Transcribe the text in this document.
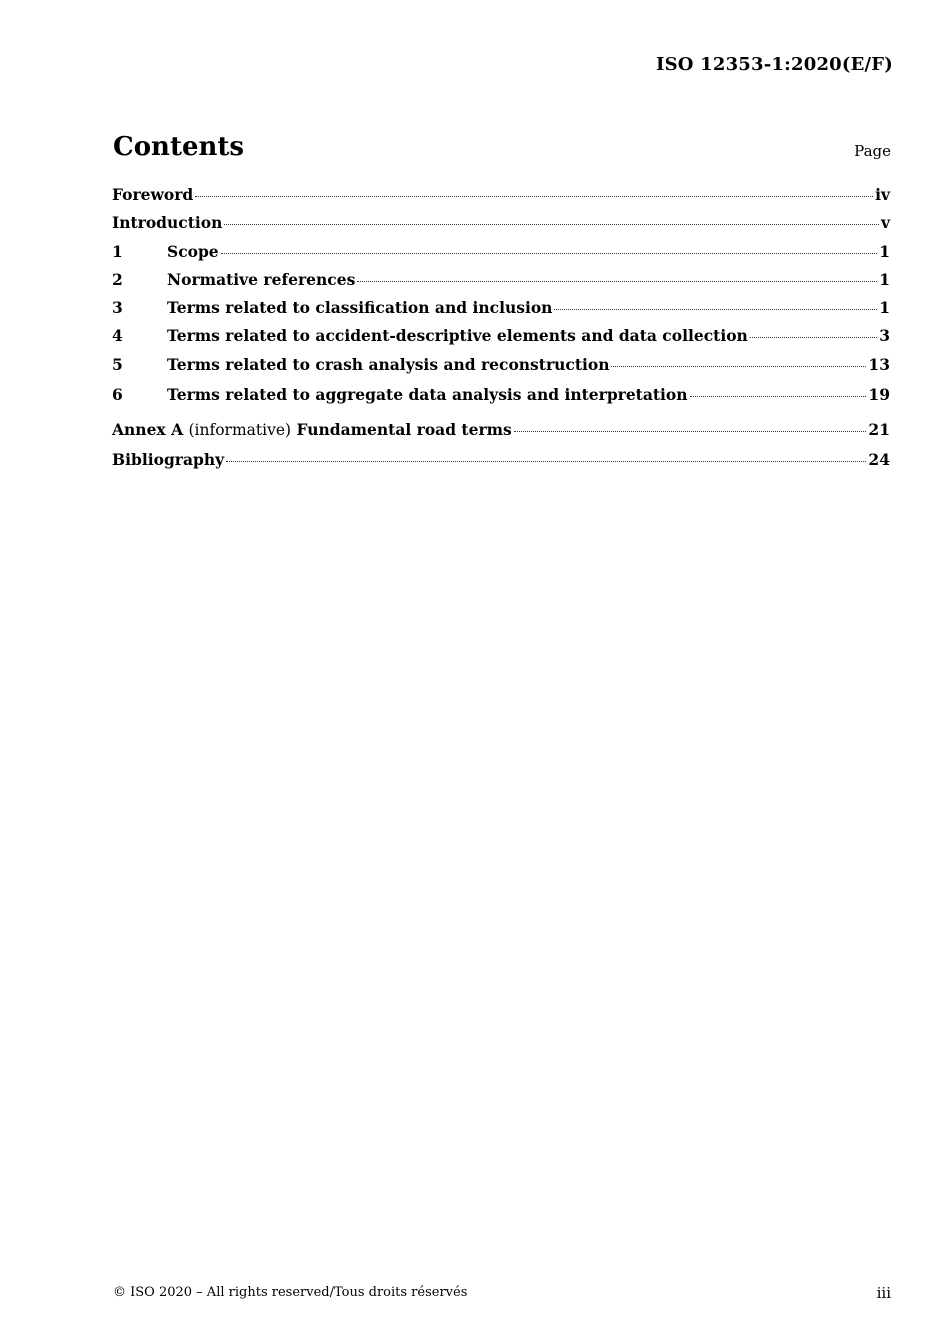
ISO 12353-1:2020(E/F)
Contents	Page
Foreword	iv
Introduction	v
1	Scope	1
2	Normative references	1
3	Terms related to classification and inclusion	1
4	Terms related to accident-descriptive elements and data collection	3
5	Terms related to crash analysis and reconstruction	13
6	Terms related to aggregate data analysis and interpretation	19
Annex A (informative) Fundamental road terms	21
Bibliography	24
© ISO 2020 – All rights reserved/Tous droits réservés	iii
